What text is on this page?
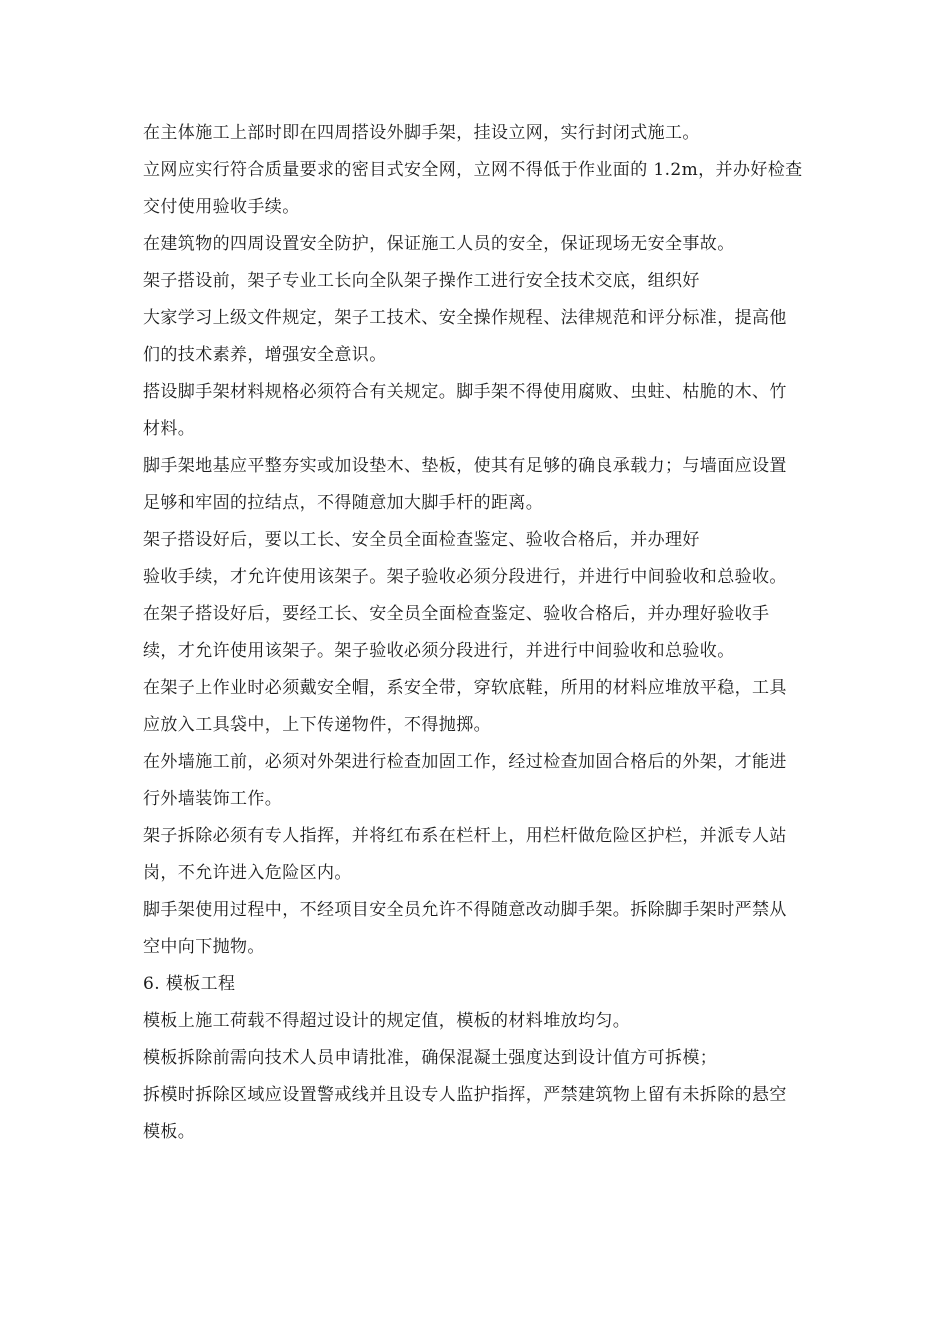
在主体施工上部时即在四周搭设外脚手架，挂设立网，实行封闭式施工。

立网应实行符合质量要求的密目式安全网，立网不得低于作业面的 1.2m，并办好检查交付使用验收手续。

在建筑物的四周设置安全防护，保证施工人员的安全，保证现场无安全事故。

架子搭设前，架子专业工长向全队架子操作工进行安全技术交底，组织好

大家学习上级文件规定，架子工技术、安全操作规程、法律规范和评分标准，提高他们的技术素养，增强安全意识。

搭设脚手架材料规格必须符合有关规定。脚手架不得使用腐败、虫蛀、枯脆的木、竹材料。

脚手架地基应平整夯实或加设垫木、垫板，使其有足够的确良承载力；与墙面应设置足够和牢固的拉结点，不得随意加大脚手杆的距离。

架子搭设好后，要以工长、安全员全面检查鉴定、验收合格后，并办理好

验收手续，才允许使用该架子。架子验收必须分段进行，并进行中间验收和总验收。

在架子搭设好后，要经工长、安全员全面检查鉴定、验收合格后，并办理好验收手续，才允许使用该架子。架子验收必须分段进行，并进行中间验收和总验收。

在架子上作业时必须戴安全帽，系安全带，穿软底鞋，所用的材料应堆放平稳，工具应放入工具袋中，上下传递物件，不得抛掷。

在外墙施工前，必须对外架进行检查加固工作，经过检查加固合格后的外架，才能进行外墙装饰工作。

架子拆除必须有专人指挥，并将红布系在栏杆上，用栏杆做危险区护栏，并派专人站岗，不允许进入危险区内。

脚手架使用过程中，不经项目安全员允许不得随意改动脚手架。拆除脚手架时严禁从空中向下抛物。

6. 模板工程

模板上施工荷载不得超过设计的规定值，模板的材料堆放均匀。

模板拆除前需向技术人员申请批准，确保混凝土强度达到设计值方可拆模；

拆模时拆除区域应设置警戒线并且设专人监护指挥，严禁建筑物上留有未拆除的悬空模板。
